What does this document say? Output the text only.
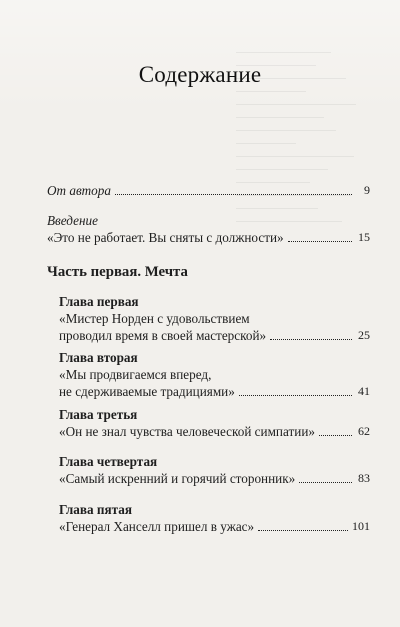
Содержание
От автора	9
Введение
«Это не работает. Вы сняты с должности»	15
Часть первая. Мечта
Глава первая
«Мистер Норден с удовольствием
проводил время в своей мастерской»	25
Глава вторая
«Мы продвигаемся вперед,
не сдерживаемые традициями»	41
Глава третья
«Он не знал чувства человеческой симпатии»	62
Глава четвертая
«Самый искренний и горячий сторонник»	83
Глава пятая
«Генерал Ханселл пришел в ужас»	101
